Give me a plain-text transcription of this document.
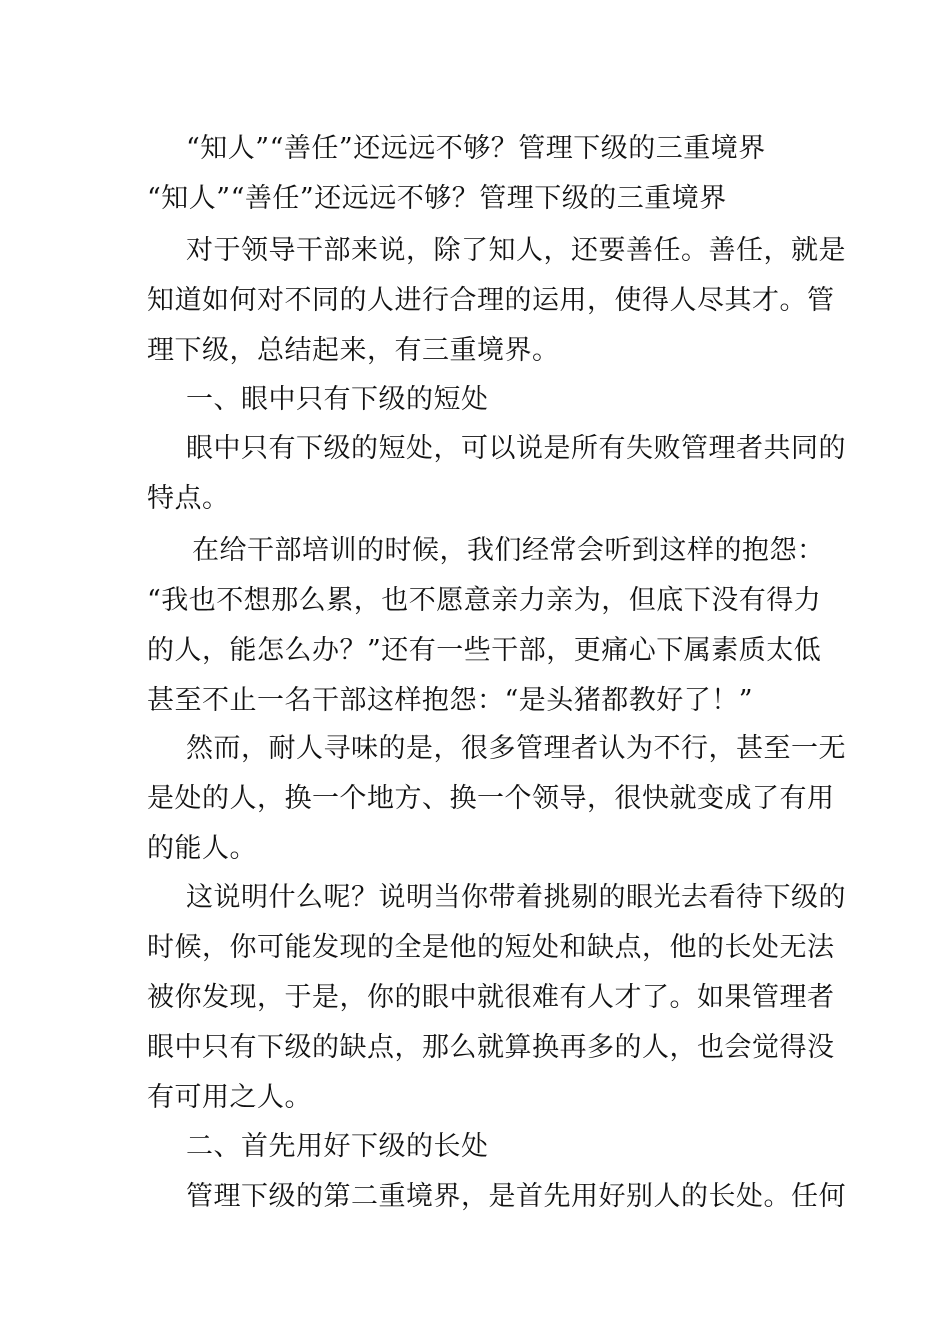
“知人”“善任”还远远不够？管理下级的三重境界
“知人”“善任”还远远不够？管理下级的三重境界
对于领导干部来说，除了知人，还要善任。善任，就是
知道如何对不同的人进行合理的运用，使得人尽其才。管
理下级，总结起来，有三重境界。
一、眼中只有下级的短处
眼中只有下级的短处，可以说是所有失败管理者共同的
特点。
在给干部培训的时候，我们经常会听到这样的抱怨：
“我也不想那么累，也不愿意亲力亲为，但底下没有得力
的人，能怎么办？”还有一些干部，更痛心下属素质太低
甚至不止一名干部这样抱怨：“是头猪都教好了！”
然而，耐人寻味的是，很多管理者认为不行，甚至一无
是处的人，换一个地方、换一个领导，很快就变成了有用
的能人。
这说明什么呢？说明当你带着挑剔的眼光去看待下级的
时候，你可能发现的全是他的短处和缺点，他的长处无法
被你发现，于是，你的眼中就很难有人才了。如果管理者
眼中只有下级的缺点，那么就算换再多的人，也会觉得没
有可用之人。
二、首先用好下级的长处
管理下级的第二重境界，是首先用好别人的长处。任何
